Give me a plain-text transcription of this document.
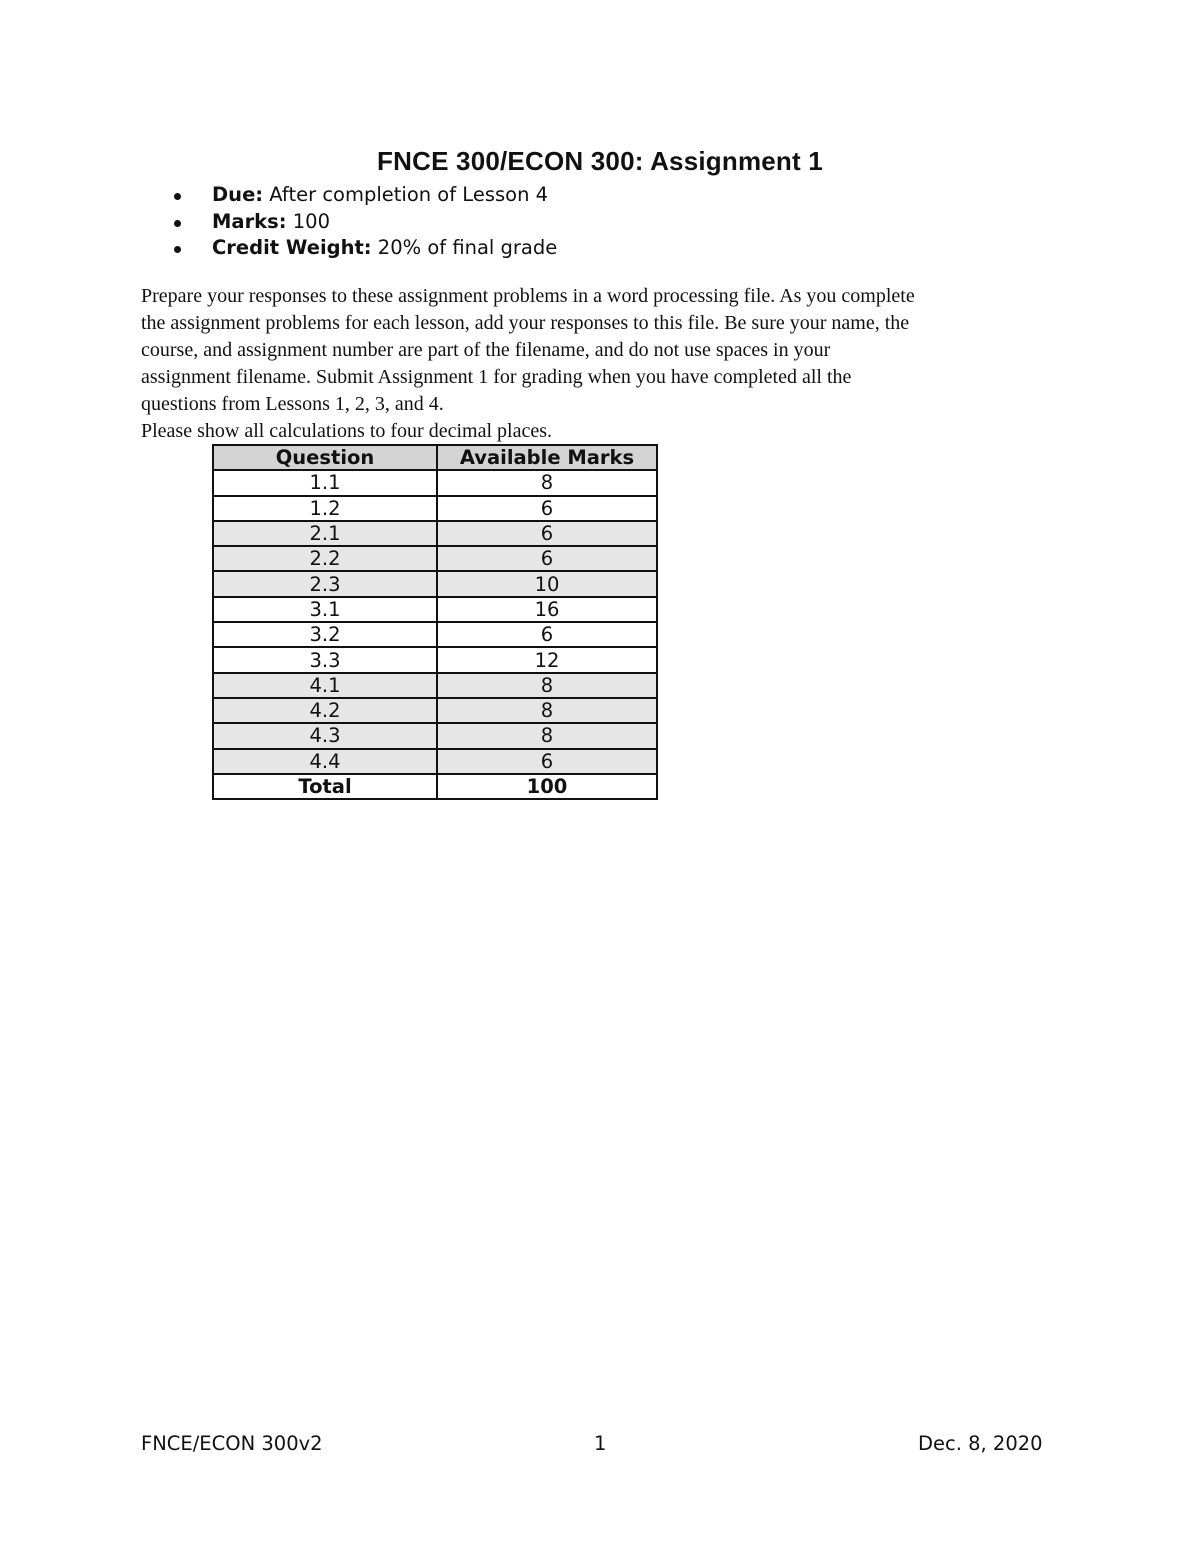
FNCE 300/ECON 300: Assignment 1
Due: After completion of Lesson 4
Marks: 100
Credit Weight: 20% of final grade

Prepare your responses to these assignment problems in a word processing file. As you complete
the assignment problems for each lesson, add your responses to this file. Be sure your name, the
course, and assignment number are part of the filename, and do not use spaces in your
assignment filename. Submit Assignment 1 for grading when you have completed all the
questions from Lessons 1, 2, 3, and 4.

Please show all calculations to four decimal places.

Question	Available Marks
1.1	8
1.2	6
2.1	6
2.2	6
2.3	10
3.1	16
3.2	6
3.3	12
4.1	8
4.2	8
4.3	8
4.4	6
Total	100
FNCE/ECON 300v2	1	Dec. 8, 2020
